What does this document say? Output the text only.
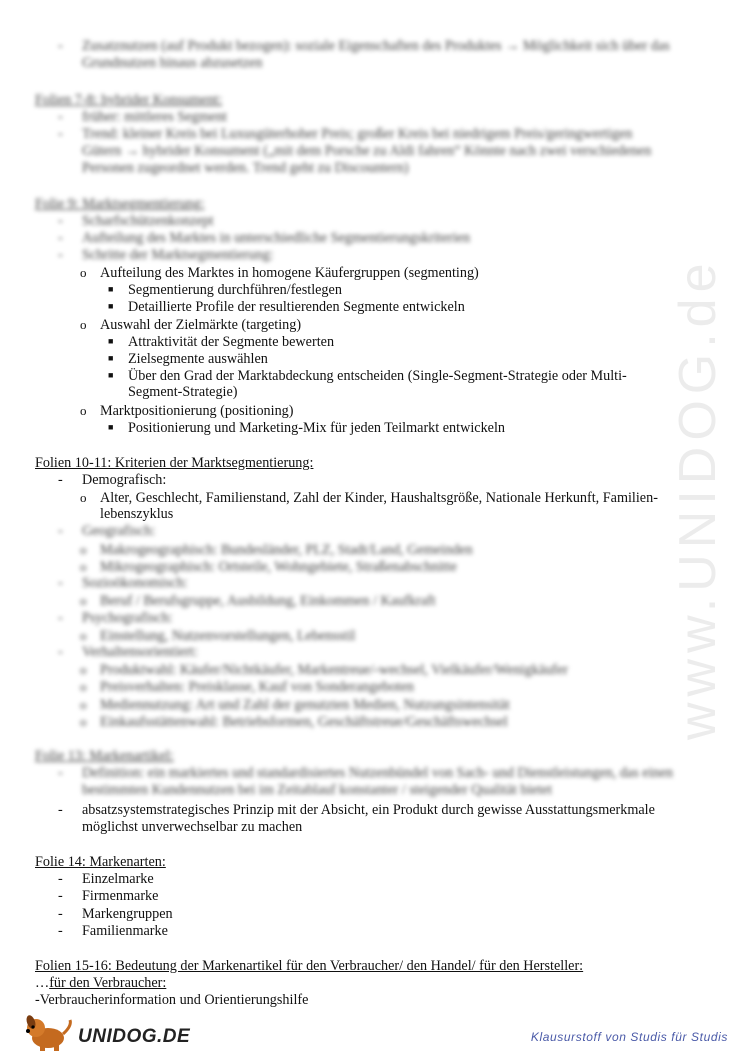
www.UNIDOG.de
- Zusatznutzen (auf Produkt bezogen): soziale Eigenschaften des Produktes → Möglichkeit sich über das
Grundnutzen hinaus abzusetzen
Folien 7-8: hybrider Konsument:
- früher: mittleres Segment
- Trend: kleiner Kreis bei Luxusgüterhoher Preis; großer Kreis bei niedrigem Preis/geringwertigen
Gütern → hybrider Konsument („mit dem Porsche zu Aldi fahren“ Könnte nach zwei verschiedenen
Personen zugeordnet werden. Trend geht zu Discountern)
Folie 9: Marktsegmentierung:
- Scharfschützenkonzept
- Aufteilung des Marktes in unterschiedliche Segmentierungskriterien
- Schritte der Marktsegmentierung:
o Aufteilung des Marktes in homogene Käufergruppen (segmenting)
■ Segmentierung durchführen/festlegen
■ Detaillierte Profile der resultierenden Segmente entwickeln
o Auswahl der Zielmärkte (targeting)
■ Attraktivität der Segmente bewerten
■ Zielsegmente auswählen
■ Über den Grad der Marktabdeckung entscheiden (Single-Segment-Strategie oder Multi-
Segment-Strategie)
o Marktpositionierung (positioning)
■ Positionierung und Marketing-Mix für jeden Teilmarkt entwickeln
Folien 10-11: Kriterien der Marktsegmentierung:
- Demografisch:
o Alter, Geschlecht, Familienstand, Zahl der Kinder, Haushaltsgröße, Nationale Herkunft, Familien-
lebenszyklus
- Geografisch:
o Makrogeographisch: Bundesländer, PLZ, Stadt/Land, Gemeinden
o Mikrogeographisch: Ortsteile, Wohngebiete, Straßenabschnitte
- Sozioökonomisch:
o Beruf / Berufsgruppe, Ausbildung, Einkommen / Kaufkraft
- Psychografisch:
o Einstellung, Nutzenvorstellungen, Lebensstil
- Verhaltensorientiert:
o Produktwahl: Käufer/Nichtkäufer, Markentreue/-wechsel, Vielkäufer/Wenigkäufer
o Preisverhalten: Preisklasse, Kauf von Sonderangeboten
o Mediennutzung: Art und Zahl der genutzten Medien, Nutzungsintensität
o Einkaufsstättenwahl: Betriebsformen, Geschäftstreue/Geschäftswechsel
Folie 13: Markenartikel:
- Definition: ein markiertes und standardisiertes Nutzenbündel von Sach- und Dienstleistungen, das einen
bestimmten Kundennutzen bei im Zeitablauf konstanter / steigender Qualität bietet
- absatzsystemstrategisches Prinzip mit der Absicht, ein Produkt durch gewisse Ausstattungsmerkmale
möglichst unverwechselbar zu machen
Folie 14: Markenarten:
- Einzelmarke
- Firmenmarke
- Markengruppen
- Familienmarke
Folien 15-16: Bedeutung der Markenartikel für den Verbraucher/ den Handel/ für den Hersteller:
…für den Verbraucher:
-Verbraucherinformation und Orientierungshilfe
UNIDOG.DE	Klausurstoff von Studis für Studis
